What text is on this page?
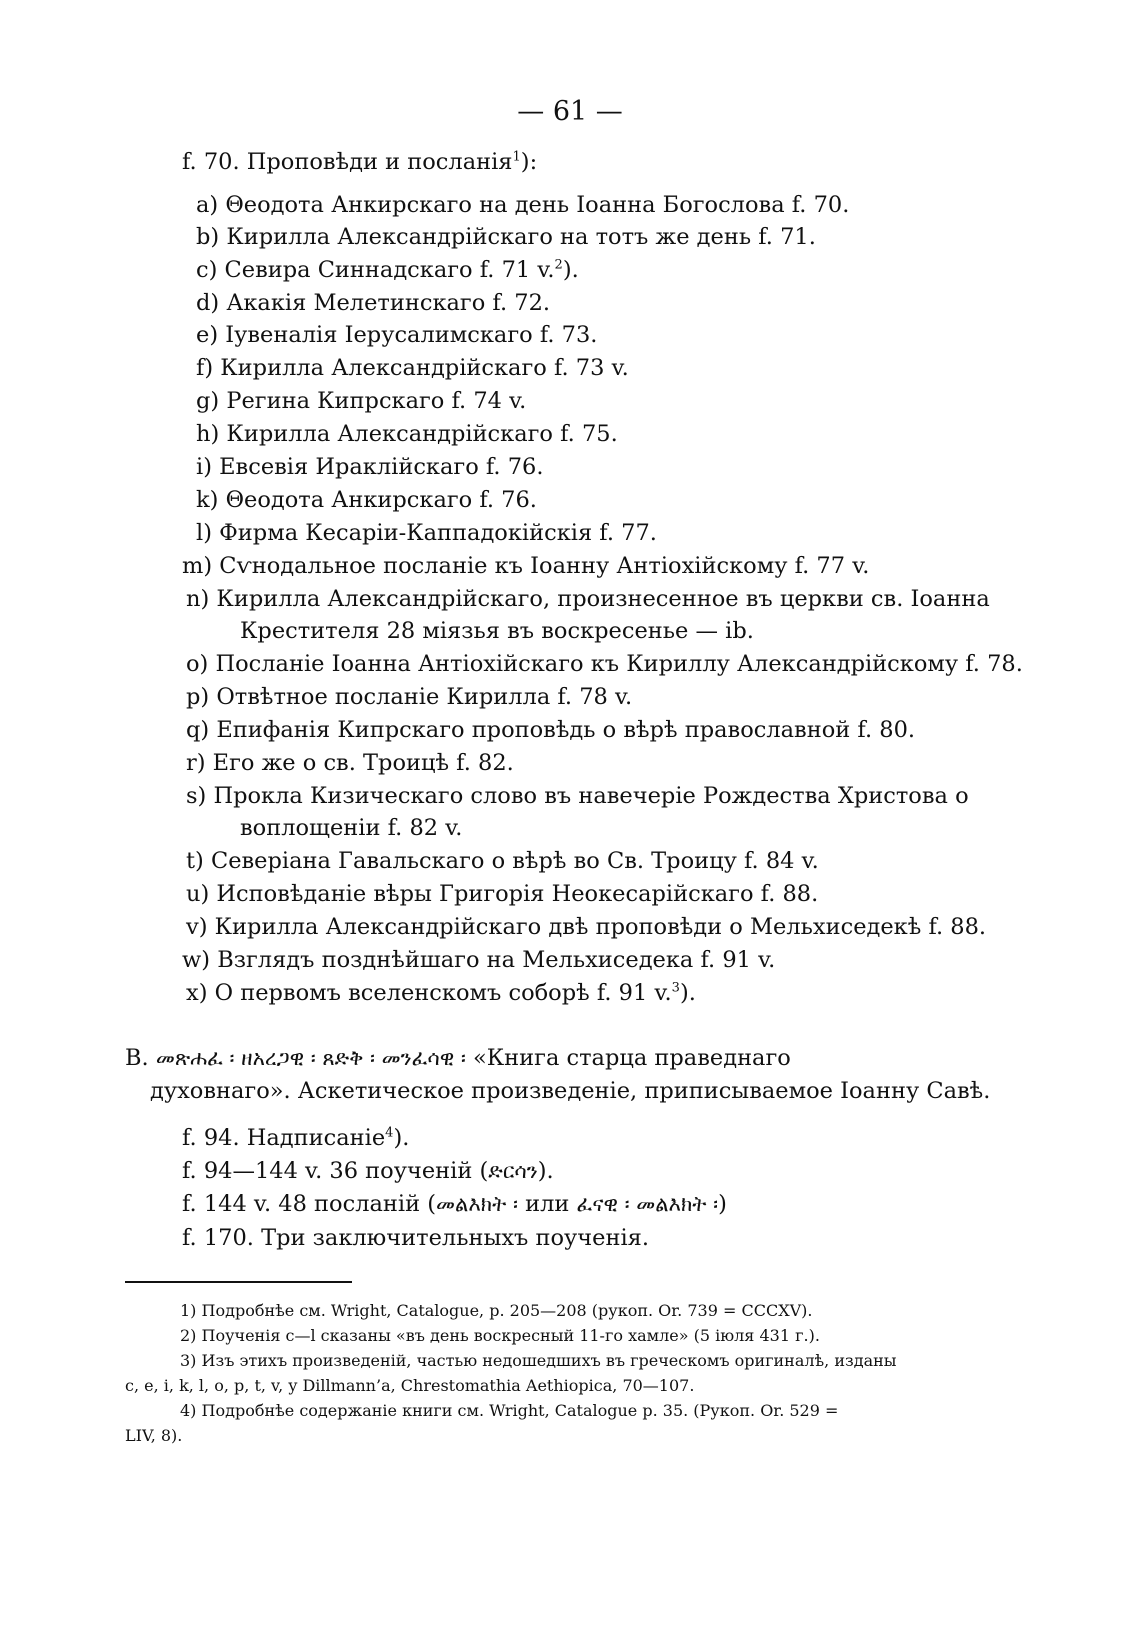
— 61 —
f. 70. Проповѣди и посланія$^1$):
a) Θеодота Анкирскаго на день Іоанна Богослова f. 70.
b) Кирилла Александрійскаго на тотъ же день f. 71.
c) Севира Синнадскаго f. 71 v.$^2$).
d) Акакія Мелетинскаго f. 72.
e) Іувеналія Іерусалимскаго f. 73.
f) Кирилла Александрійскаго f. 73 v.
g) Регина Кипрскаго f. 74 v.
h) Кирилла Александрійскаго f. 75.
i) Евсевія Ираклійскаго f. 76.
k) Θеодота Анкирскаго f. 76.
l) Фирма Кесаріи-Каппадокійскія f. 77.
m) Сѵнодальное посланіе къ Іоанну Антіохійскому f. 77 v.
n) Кирилла Александрійскаго, произнесенное въ церкви св. Іоанна
Крестителя 28 міязья въ воскресенье — ib.
o) Посланіе Іоанна Антіохійскаго къ Кириллу Александрійскому f. 78.
p) Отвѣтное посланіе Кирилла f. 78 v.
q) Епифанія Кипрскаго проповѣдь о вѣрѣ православной f. 80.
r) Его же о св. Троицѣ f. 82.
s) Прокла Кизическаго слово въ навечеріе Рождества Христова о
воплощеніи f. 82 v.
t) Северіана Гавальскаго о вѣрѣ во Св. Троицу f. 84 v.
u) Исповѣданіе вѣры Григорія Неокесарійскаго f. 88.
v) Кирилла Александрійскаго двѣ проповѣди о Мельхиседекѣ f. 88.
w) Взглядъ позднѣйшаго на Мельхиседека f. 91 v.
x) О первомъ вселенскомъ соборѣ f. 91 v.$^3$).
B. መጽሐፈ ፡ ዘአረጋዊ ፡ ጸድቅ ፡ መንፈሳዊ ፡ «Книга старца праведнаго
духовнаго». Аскетическое произведеніе, приписываемое Іоанну Савѣ.
f. 94. Надписаніе$^4$).
f. 94—144 v. 36 поученій (ድርሳን).
f. 144 v. 48 посланій (መልእክት ፡ или ፈናዊ ፡ መልእክት ፡)
f. 170. Три заключительныхъ поученія.
1) Подробнѣе см. Wright, Catalogue, p. 205—208 (рукоп. Or. 739 = CCCXV).
2) Поученія c—l сказаны «въ день воскресный 11-го хамле» (5 іюля 431 г.).
3) Изъ этихъ произведеній, частью недошедшихъ въ греческомъ оригиналѣ, изданы
c, e, i, k, l, o, p, t, v, y Dillmann’a, Chrestomathia Aethiopica, 70—107.
4) Подробнѣе содержаніе книги см. Wright, Catalogue p. 35. (Рукоп. Or. 529 =
LIV, 8).
